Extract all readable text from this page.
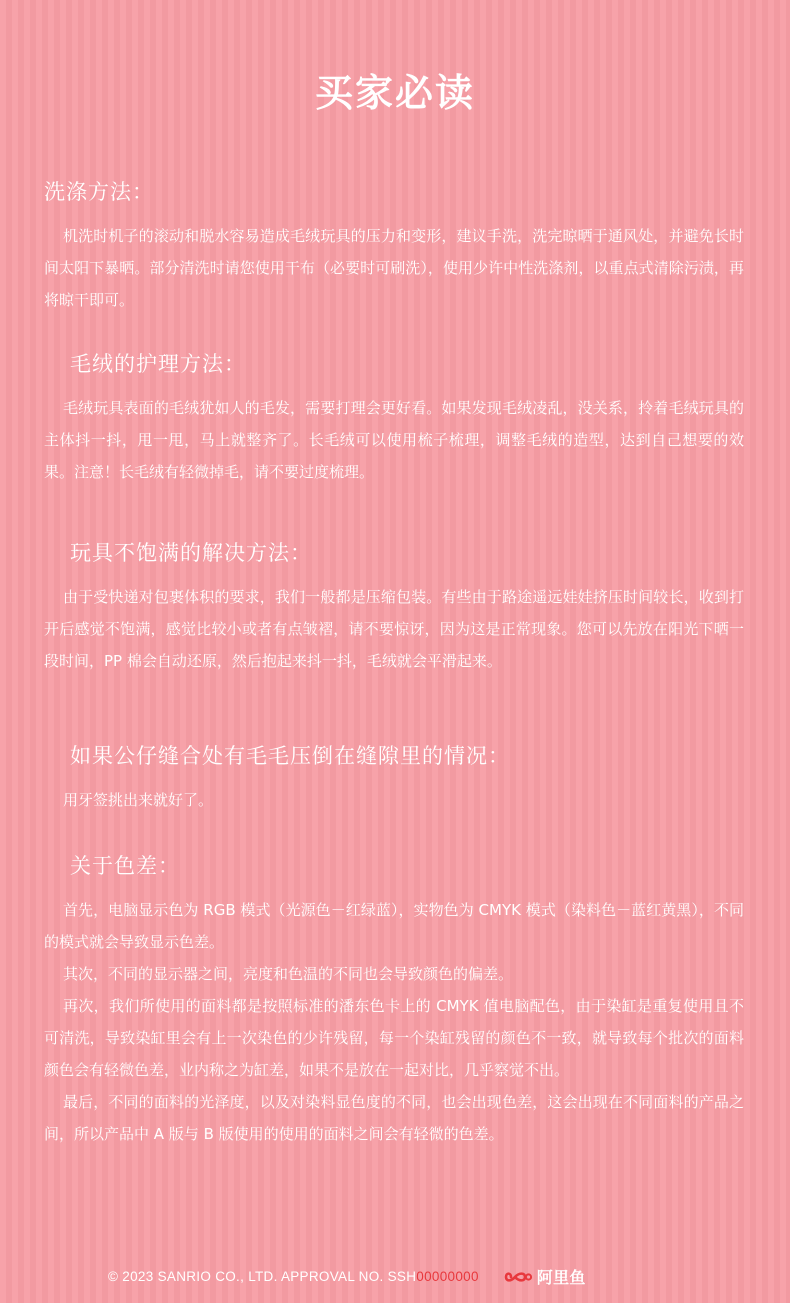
买家必读
洗涤方法：

机洗时机子的滚动和脱水容易造成毛绒玩具的压力和变形，建议手洗，洗完晾晒于通风处，并避免长时间太阳下暴晒。部分清洗时请您使用干布（必要时可刷洗），使用少许中性洗涤剂，以重点式清除污渍，再将晾干即可。

毛绒的护理方法：

毛绒玩具表面的毛绒犹如人的毛发，需要打理会更好看。如果发现毛绒凌乱，没关系，拎着毛绒玩具的主体抖一抖，甩一甩，马上就整齐了。长毛绒可以使用梳子梳理，调整毛绒的造型，达到自己想要的效果。注意！长毛绒有轻微掉毛，请不要过度梳理。

玩具不饱满的解决方法：

由于受快递对包裹体积的要求，我们一般都是压缩包装。有些由于路途遥远娃娃挤压时间较长，收到打开后感觉不饱满，感觉比较小或者有点皱褶，请不要惊讶，因为这是正常现象。您可以先放在阳光下晒一段时间，PP 棉会自动还原，然后抱起来抖一抖，毛绒就会平滑起来。

如果公仔缝合处有毛毛压倒在缝隙里的情况：

用牙签挑出来就好了。

关于色差：

首先，电脑显示色为 RGB 模式（光源色－红绿蓝），实物色为 CMYK 模式（染料色－蓝红黄黑），不同的模式就会导致显示色差。

其次，不同的显示器之间，亮度和色温的不同也会导致颜色的偏差。

再次，我们所使用的面料都是按照标准的潘东色卡上的 CMYK 值电脑配色，由于染缸是重复使用且不可清洗，导致染缸里会有上一次染色的少许残留，每一个染缸残留的颜色不一致，就导致每个批次的面料颜色会有轻微色差，业内称之为缸差，如果不是放在一起对比，几乎察觉不出。

最后，不同的面料的光泽度，以及对染料显色度的不同，也会出现色差，这会出现在不同面料的产品之间，所以产品中 A 版与 B 版使用的使用的面料之间会有轻微的色差。

© 2023 SANRIO CO., LTD. APPROVAL NO. SSH 00000000	阿里鱼
